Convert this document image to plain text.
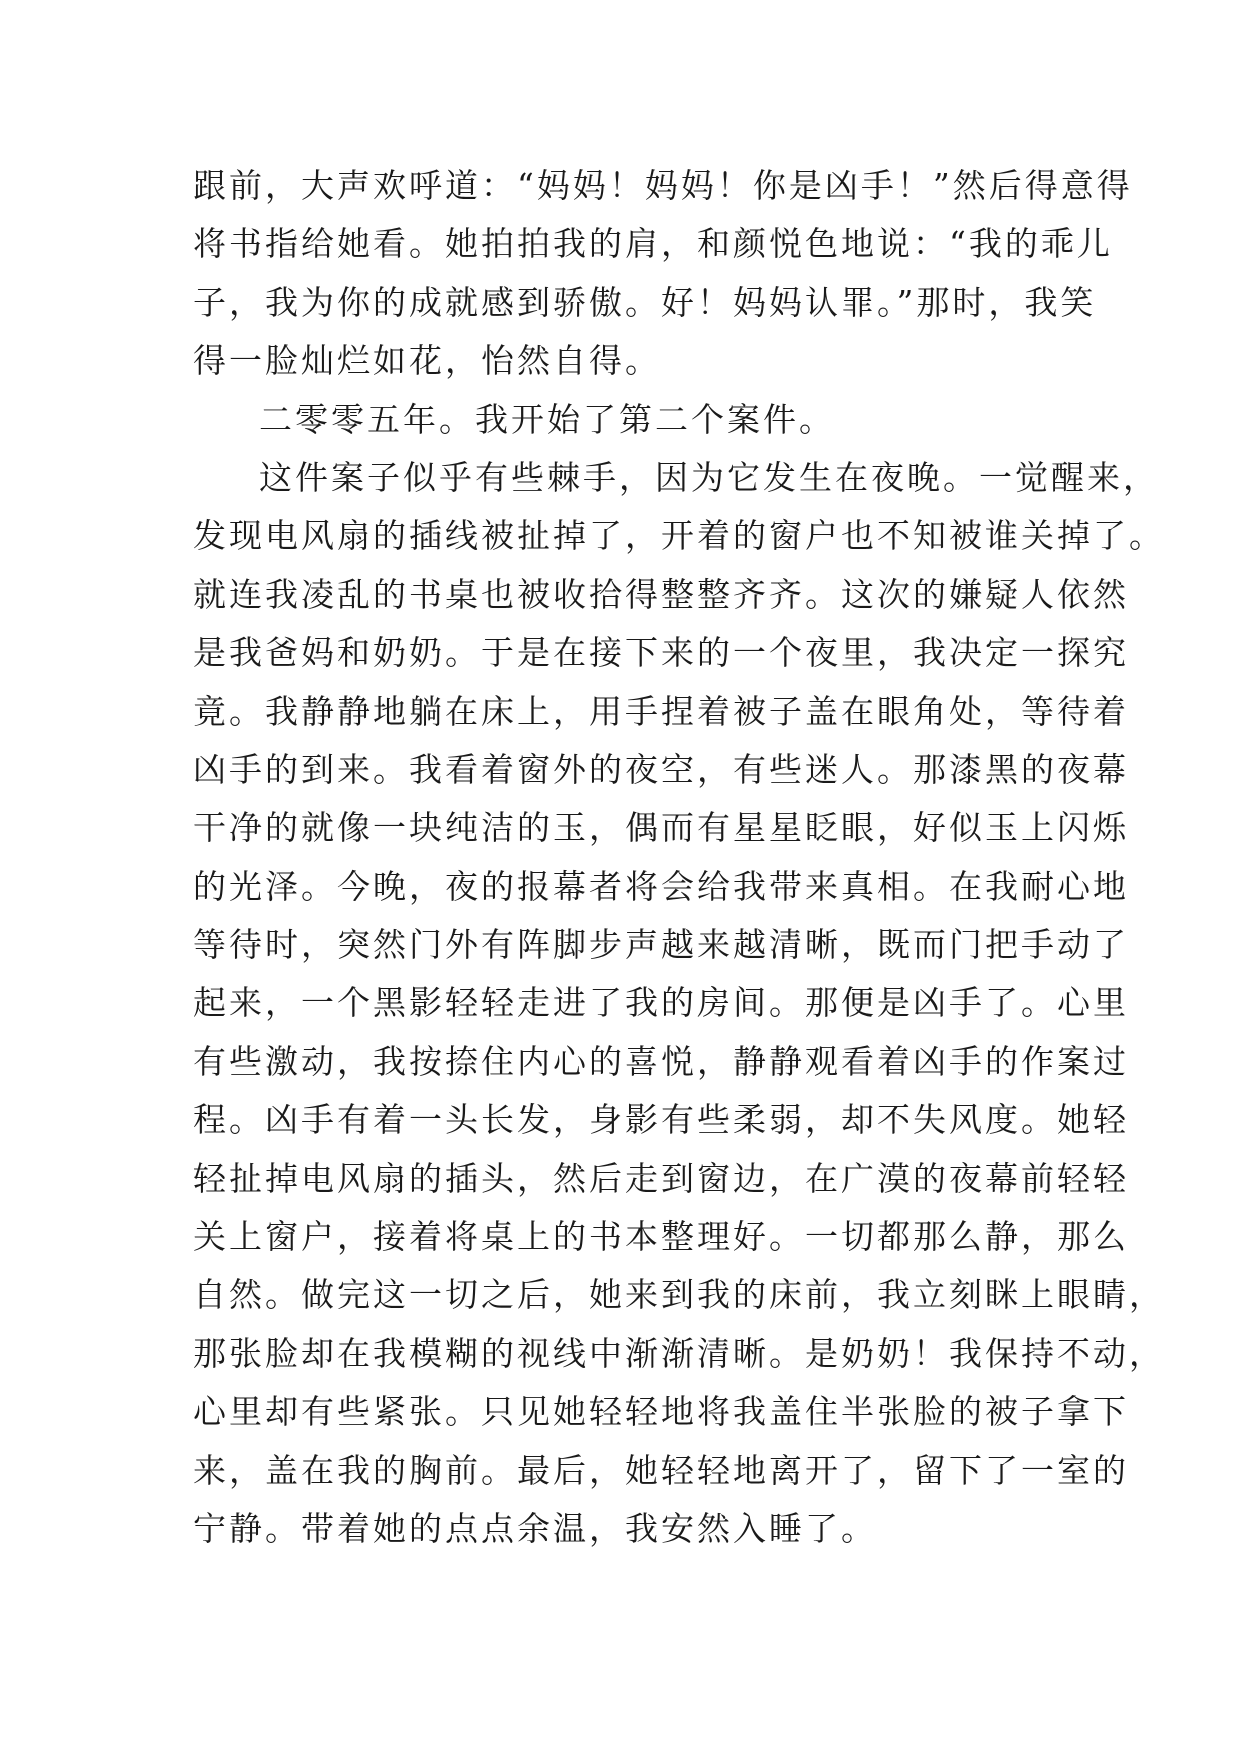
跟前，大声欢呼道：“妈妈！妈妈！你是凶手！”然后得意得
将书指给她看。她拍拍我的肩，和颜悦色地说：“我的乖儿
子，我为你的成就感到骄傲。好！妈妈认罪。”那时，我笑
得一脸灿烂如花，怡然自得。
二零零五年。我开始了第二个案件。
这件案子似乎有些棘手，因为它发生在夜晚。一觉醒来，
发现电风扇的插线被扯掉了，开着的窗户也不知被谁关掉了。
就连我凌乱的书桌也被收拾得整整齐齐。这次的嫌疑人依然
是我爸妈和奶奶。于是在接下来的一个夜里，我决定一探究
竟。我静静地躺在床上，用手捏着被子盖在眼角处，等待着
凶手的到来。我看着窗外的夜空，有些迷人。那漆黑的夜幕
干净的就像一块纯洁的玉，偶而有星星眨眼，好似玉上闪烁
的光泽。今晚，夜的报幕者将会给我带来真相。在我耐心地
等待时，突然门外有阵脚步声越来越清晰，既而门把手动了
起来，一个黑影轻轻走进了我的房间。那便是凶手了。心里
有些激动，我按捺住内心的喜悦，静静观看着凶手的作案过
程。凶手有着一头长发，身影有些柔弱，却不失风度。她轻
轻扯掉电风扇的插头，然后走到窗边，在广漠的夜幕前轻轻
关上窗户，接着将桌上的书本整理好。一切都那么静，那么
自然。做完这一切之后，她来到我的床前，我立刻眯上眼睛，
那张脸却在我模糊的视线中渐渐清晰。是奶奶！我保持不动，
心里却有些紧张。只见她轻轻地将我盖住半张脸的被子拿下
来，盖在我的胸前。最后，她轻轻地离开了，留下了一室的
宁静。带着她的点点余温，我安然入睡了。
